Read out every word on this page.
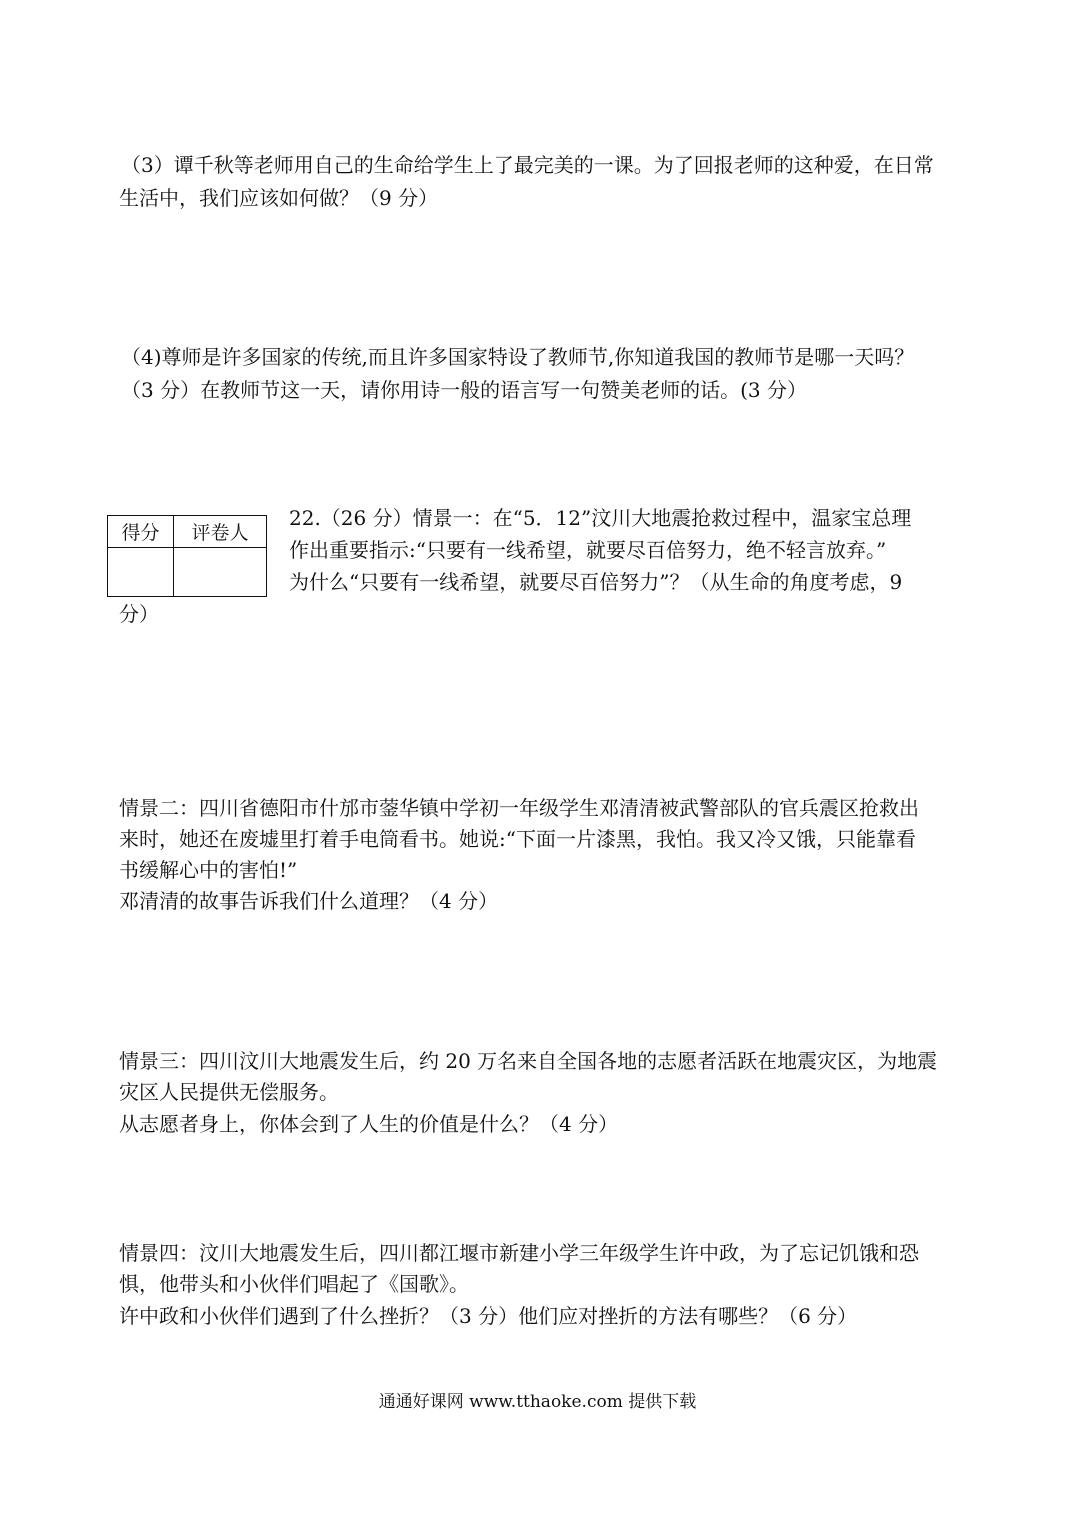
（3）谭千秋等老师用自己的生命给学生上了最完美的一课。为了回报老师的这种爱，在日常
生活中，我们应该如何做？（9 分）
（4)尊师是许多国家的传统,而且许多国家特设了教师节,你知道我国的教师节是哪一天吗？
（3 分）在教师节这一天，请你用诗一般的语言写一句赞美老师的话。(3 分）
得分	评卷人

22.（26 分）情景一：在“5．12”汶川大地震抢救过程中，温家宝总理
作出重要指示:“只要有一线希望，就要尽百倍努力，绝不轻言放弃。”
为什么“只要有一线希望，就要尽百倍努力”？（从生命的角度考虑，9
分）
情景二：四川省德阳市什邡市蓥华镇中学初一年级学生邓清清被武警部队的官兵震区抢救出
来时，她还在废墟里打着手电筒看书。她说:“下面一片漆黑，我怕。我又冷又饿，只能靠看
书缓解心中的害怕!”
邓清清的故事告诉我们什么道理？（4 分）
情景三：四川汶川大地震发生后，约 20 万名来自全国各地的志愿者活跃在地震灾区，为地震
灾区人民提供无偿服务。
从志愿者身上，你体会到了人生的价值是什么？（4 分）
情景四：汶川大地震发生后，四川都江堰市新建小学三年级学生许中政，为了忘记饥饿和恐
惧，他带头和小伙伴们唱起了《国歌》。
许中政和小伙伴们遇到了什么挫折？（3 分）他们应对挫折的方法有哪些？（6 分）
通通好课网 www.tthaoke.com 提供下载
